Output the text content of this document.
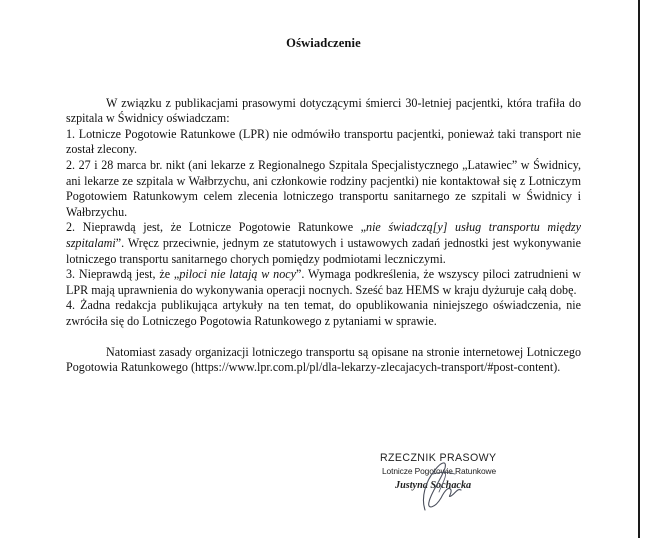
Oświadczenie

W związku z publikacjami prasowymi dotyczącymi śmierci 30-letniej pacjentki, która trafiła do szpitala w Świdnicy oświadczam:

1. Lotnicze Pogotowie Ratunkowe (LPR) nie odmówiło transportu pacjentki, ponieważ taki transport nie został zlecony.

2. 27 i 28 marca br. nikt (ani lekarze z Regionalnego Szpitala Specjalistycznego „Latawiec” w Świdnicy, ani lekarze ze szpitala w Wałbrzychu, ani członkowie rodziny pacjentki) nie kontaktował się z Lotniczym Pogotowiem Ratunkowym celem zlecenia lotniczego transportu sanitarnego ze szpitali w Świdnicy i Wałbrzychu.

2. Nieprawdą jest, że Lotnicze Pogotowie Ratunkowe „nie świadczą[y] usług transportu między szpitalami”. Wręcz przeciwnie, jednym ze statutowych i ustawowych zadań jednostki jest wykonywanie lotniczego transportu sanitarnego chorych pomiędzy podmiotami leczniczymi.

3. Nieprawdą jest, że „piloci nie latają w nocy”. Wymaga podkreślenia, że wszyscy piloci zatrudnieni w LPR mają uprawnienia do wykonywania operacji nocnych. Sześć baz HEMS w kraju dyżuruje całą dobę.

4. Żadna redakcja publikująca artykuły na ten temat, do opublikowania niniejszego oświadczenia, nie zwróciła się do Lotniczego Pogotowia Ratunkowego z pytaniami w sprawie.

Natomiast zasady organizacji lotniczego transportu są opisane na stronie internetowej Lotniczego Pogotowia Ratunkowego (https://www.lpr.com.pl/pl/dla-lekarzy-zlecajacych-transport/#post-content).

RZECZNIK PRASOWY
Lotnicze Pogotowie Ratunkowe
Justyna Sochacka
